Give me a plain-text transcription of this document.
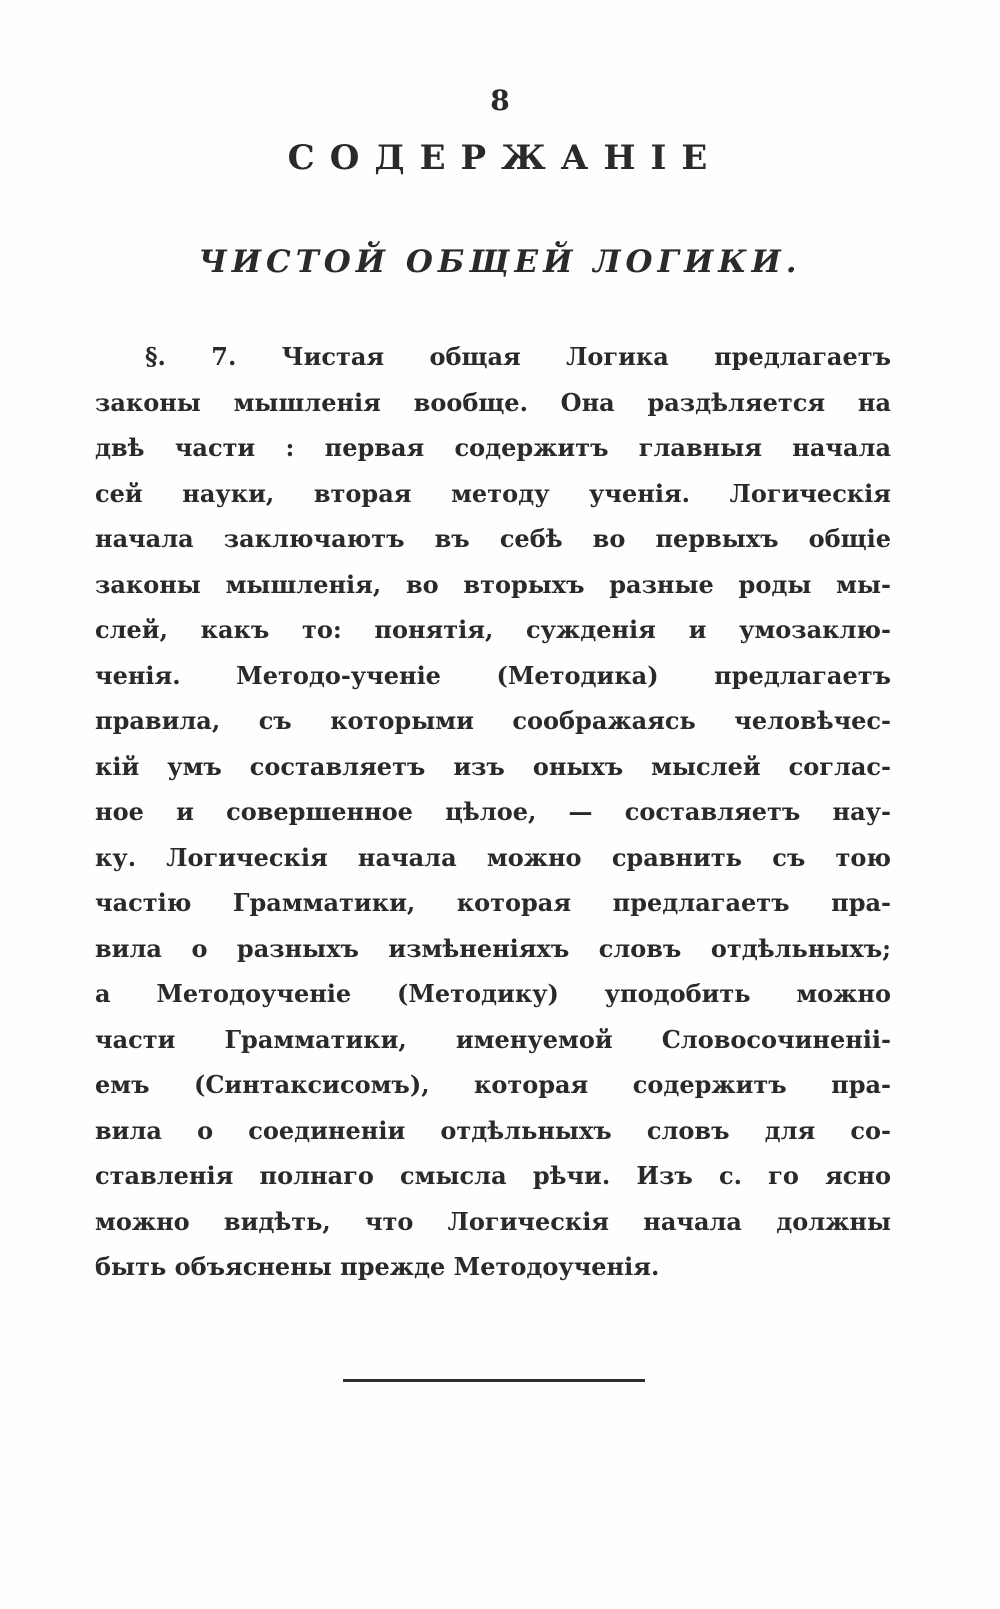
8
СОДЕРЖАНІЕ
ЧИСТОЙ ОБЩЕЙ ЛОГИКИ.
§. 7. Чистая общая Логика предлагаетъ
законы мышленія вообще. Она раздѣляется на
двѣ части : первая содержитъ главныя начала
сей науки, вторая методу ученія. Логическія
начала заключаютъ въ себѣ во первыхъ общіе
законы мышленія, во вторыхъ разные роды мы-
слей, какъ то: понятія, сужденія и умозаклю-
ченія. Методо-ученіе (Методика) предлагаетъ
правила, съ которыми соображаясь человѣчес-
кій умъ составляетъ изъ оныхъ мыслей соглас-
ное и совершенное цѣлое, — составляетъ нау-
ку. Логическія начала можно сравнить съ тою
частію Грамматики, которая предлагаетъ пра-
вила о разныхъ измѣненіяхъ словъ отдѣльныхъ;
а Методоученіе (Методику) уподобить можно
части Грамматики, именуемой Словосочиненіі-
емъ (Синтаксисомъ), которая содержитъ пра-
вила о соединеніи отдѣльныхъ словъ для со-
ставленія полнаго смысла рѣчи. Изъ с. го ясно
можно видѣть, что Логическія начала должны
быть объяснены прежде Методоученія.
